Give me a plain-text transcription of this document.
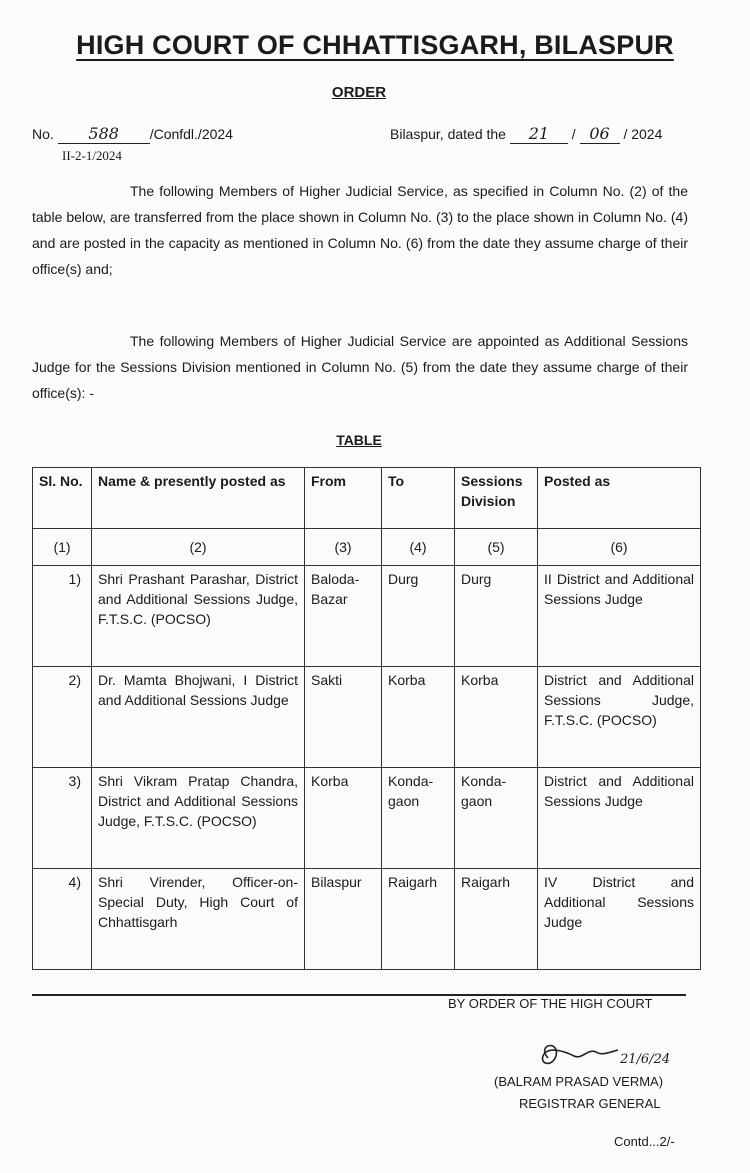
HIGH COURT OF CHHATTISGARH, BILASPUR
ORDER
No. 588 /Confdl./2024
II-2-1/2024
Bilaspur, dated the 21 / 06 / 2024

The following Members of Higher Judicial Service, as specified in Column No. (2) of the table below, are transferred from the place shown in Column No. (3) to the place shown in Column No. (4) and are posted in the capacity as mentioned in Column No. (6) from the date they assume charge of their office(s) and;

The following Members of Higher Judicial Service are appointed as Additional Sessions Judge for the Sessions Division mentioned in Column No. (5) from the date they assume charge of their office(s): -

TABLE
Sl. No.	Name & presently posted as	From	To	Sessions Division	Posted as
(1)	(2)	(3)	(4)	(5)	(6)
1)	Shri Prashant Parashar, District and Additional Sessions Judge, F.T.S.C. (POCSO)	Baloda-Bazar	Durg	Durg	II District and Additional Sessions Judge
2)	Dr. Mamta Bhojwani, I District and Additional Sessions Judge	Sakti	Korba	Korba	District and Additional Sessions Judge, F.T.S.C. (POCSO)
3)	Shri Vikram Pratap Chandra, District and Additional Sessions Judge, F.T.S.C. (POCSO)	Korba	Konda-gaon	Konda-gaon	District and Additional Sessions Judge
4)	Shri Virender, Officer-on-Special Duty, High Court of Chhattisgarh	Bilaspur	Raigarh	Raigarh	IV District and Additional Sessions Judge
BY ORDER OF THE HIGH COURT
21/6/24
(BALRAM PRASAD VERMA)
REGISTRAR GENERAL
Contd...2/-
